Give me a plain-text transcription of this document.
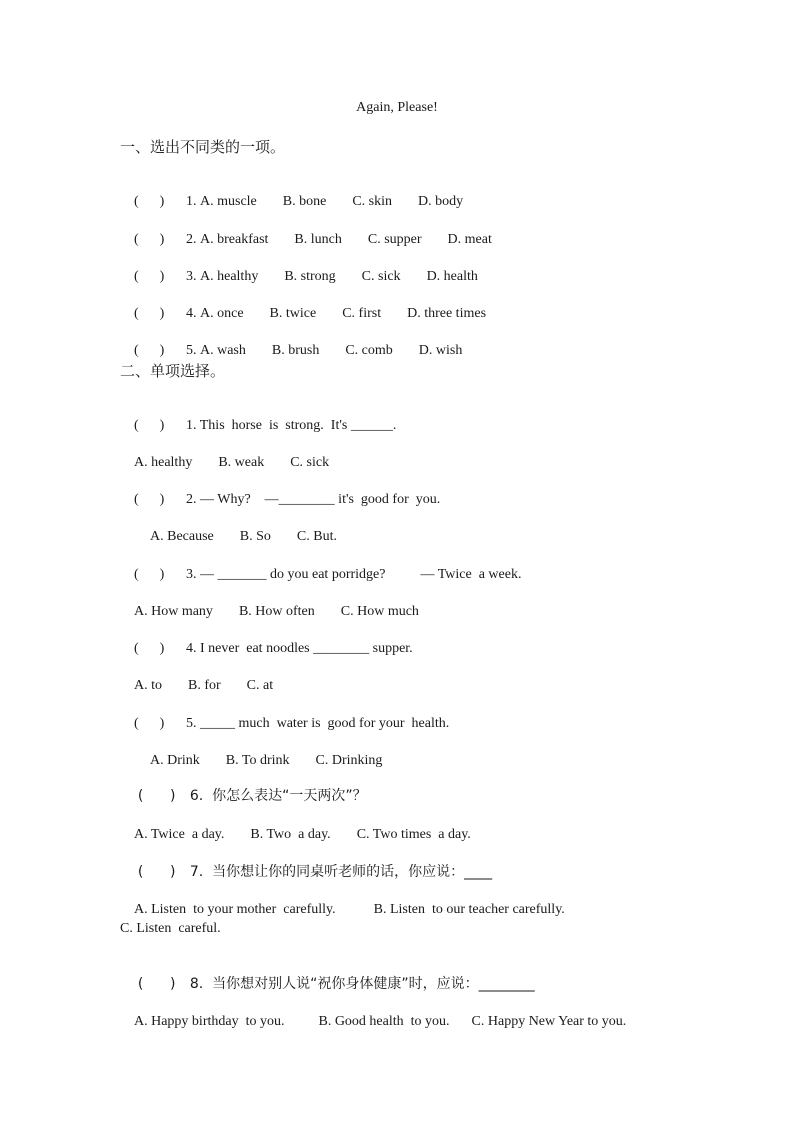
Again, Please!
一、选出不同类的一项。

(      ) 1. A. muscle B. bone C. skin D. body

(      ) 2. A. breakfast B. lunch C. supper D. meat

(      ) 3. A. healthy B. strong C. sick D. health

(      ) 4. A. once B. twice C. first D. three times

(      ) 5. A. wash B. brush C. comb D. wish

二、单项选择。

(      ) 1. This  horse  is  strong.  It's ______.

A. healthy B. weak C. sick

(      ) 2. — Why?    —________ it's  good for  you.

A. Because B. So C. But.

(      ) 3. — _______ do you eat porridge?          — Twice  a week.

A. How many B. How often C. How much

(      ) 4. I never  eat noodles ________ supper.

A. to B. for C. at

(      ) 5. _____ much  water is  good for your  health.

A. Drink B. To drink C. Drinking

(      ) 6.  你怎么表达“一天两次”？

A. Twice  a day. B. Two  a day. C. Two times  a day.

(      ) 7.  当你想让你的同桌听老师的话，你应说：____

A. Listen  to your mother  carefully.	B. Listen  to our teacher carefully.

C. Listen  careful.

(      ) 8.  当你想对别人说“祝你身体健康”时，应说：________

A. Happy birthday  to you. B. Good health  to you. C. Happy New Year to you.
